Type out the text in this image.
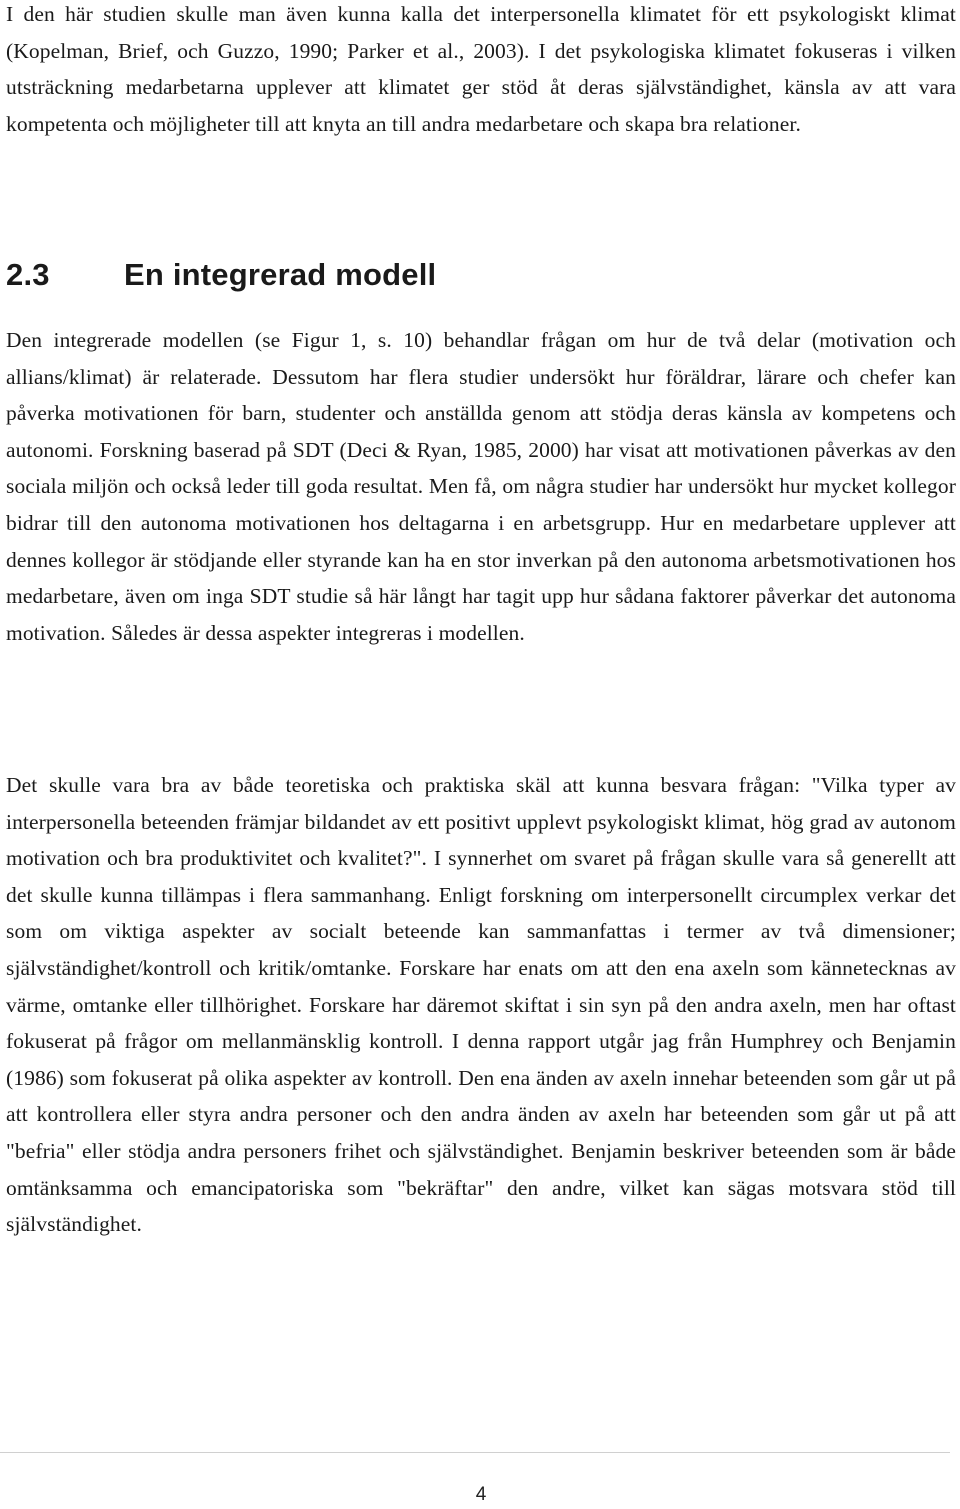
I den här studien skulle man även kunna kalla det interpersonella klimatet för ett psykologiskt klimat (Kopelman, Brief, och Guzzo, 1990; Parker et al., 2003). I det psykologiska klimatet fokuseras i vilken utsträckning medarbetarna upplever att klimatet ger stöd åt deras självständighet, känsla av att vara kompetenta och möjligheter till att knyta an till andra medarbetare och skapa bra relationer.

2.3 En integrerad modell

Den integrerade modellen (se Figur 1, s. 10) behandlar frågan om hur de två delar (motivation och allians/klimat) är relaterade. Dessutom har flera studier undersökt hur föräldrar, lärare och chefer kan påverka motivationen för barn, studenter och anställda genom att stödja deras känsla av kompetens och autonomi. Forskning baserad på SDT (Deci & Ryan, 1985, 2000) har visat att motivationen påverkas av den sociala miljön och också leder till goda resultat. Men få, om några studier har undersökt hur mycket kollegor bidrar till den autonoma motivationen hos deltagarna i en arbetsgrupp. Hur en medarbetare upplever att dennes kollegor är stödjande eller styrande kan ha en stor inverkan på den autonoma arbetsmotivationen hos medarbetare, även om inga SDT studie så här långt har tagit upp hur sådana faktorer påverkar det autonoma motivation. Således är dessa aspekter integreras i modellen.

Det skulle vara bra av både teoretiska och praktiska skäl att kunna besvara frågan: "Vilka typer av interpersonella beteenden främjar bildandet av ett positivt upplevt psykologiskt klimat, hög grad av autonom motivation och bra produktivitet och kvalitet?". I synnerhet om svaret på frågan skulle vara så generellt att det skulle kunna tillämpas i flera sammanhang. Enligt forskning om interpersonellt circumplex verkar det som om viktiga aspekter av socialt beteende kan sammanfattas i termer av två dimensioner; självständighet/kontroll och kritik/omtanke. Forskare har enats om att den ena axeln som kännetecknas av värme, omtanke eller tillhörighet. Forskare har däremot skiftat i sin syn på den andra axeln, men har oftast fokuserat på frågor om mellanmänsklig kontroll. I denna rapport utgår jag från Humphrey och Benjamin (1986) som fokuserat på olika aspekter av kontroll. Den ena änden av axeln innehar beteenden som går ut på att kontrollera eller styra andra personer och den andra änden av axeln har beteenden som går ut på att "befria" eller stödja andra personers frihet och självständighet. Benjamin beskriver beteenden som är både omtänksamma och emancipatoriska som "bekräftar" den andre, vilket kan sägas motsvara stöd till självständighet.

4
